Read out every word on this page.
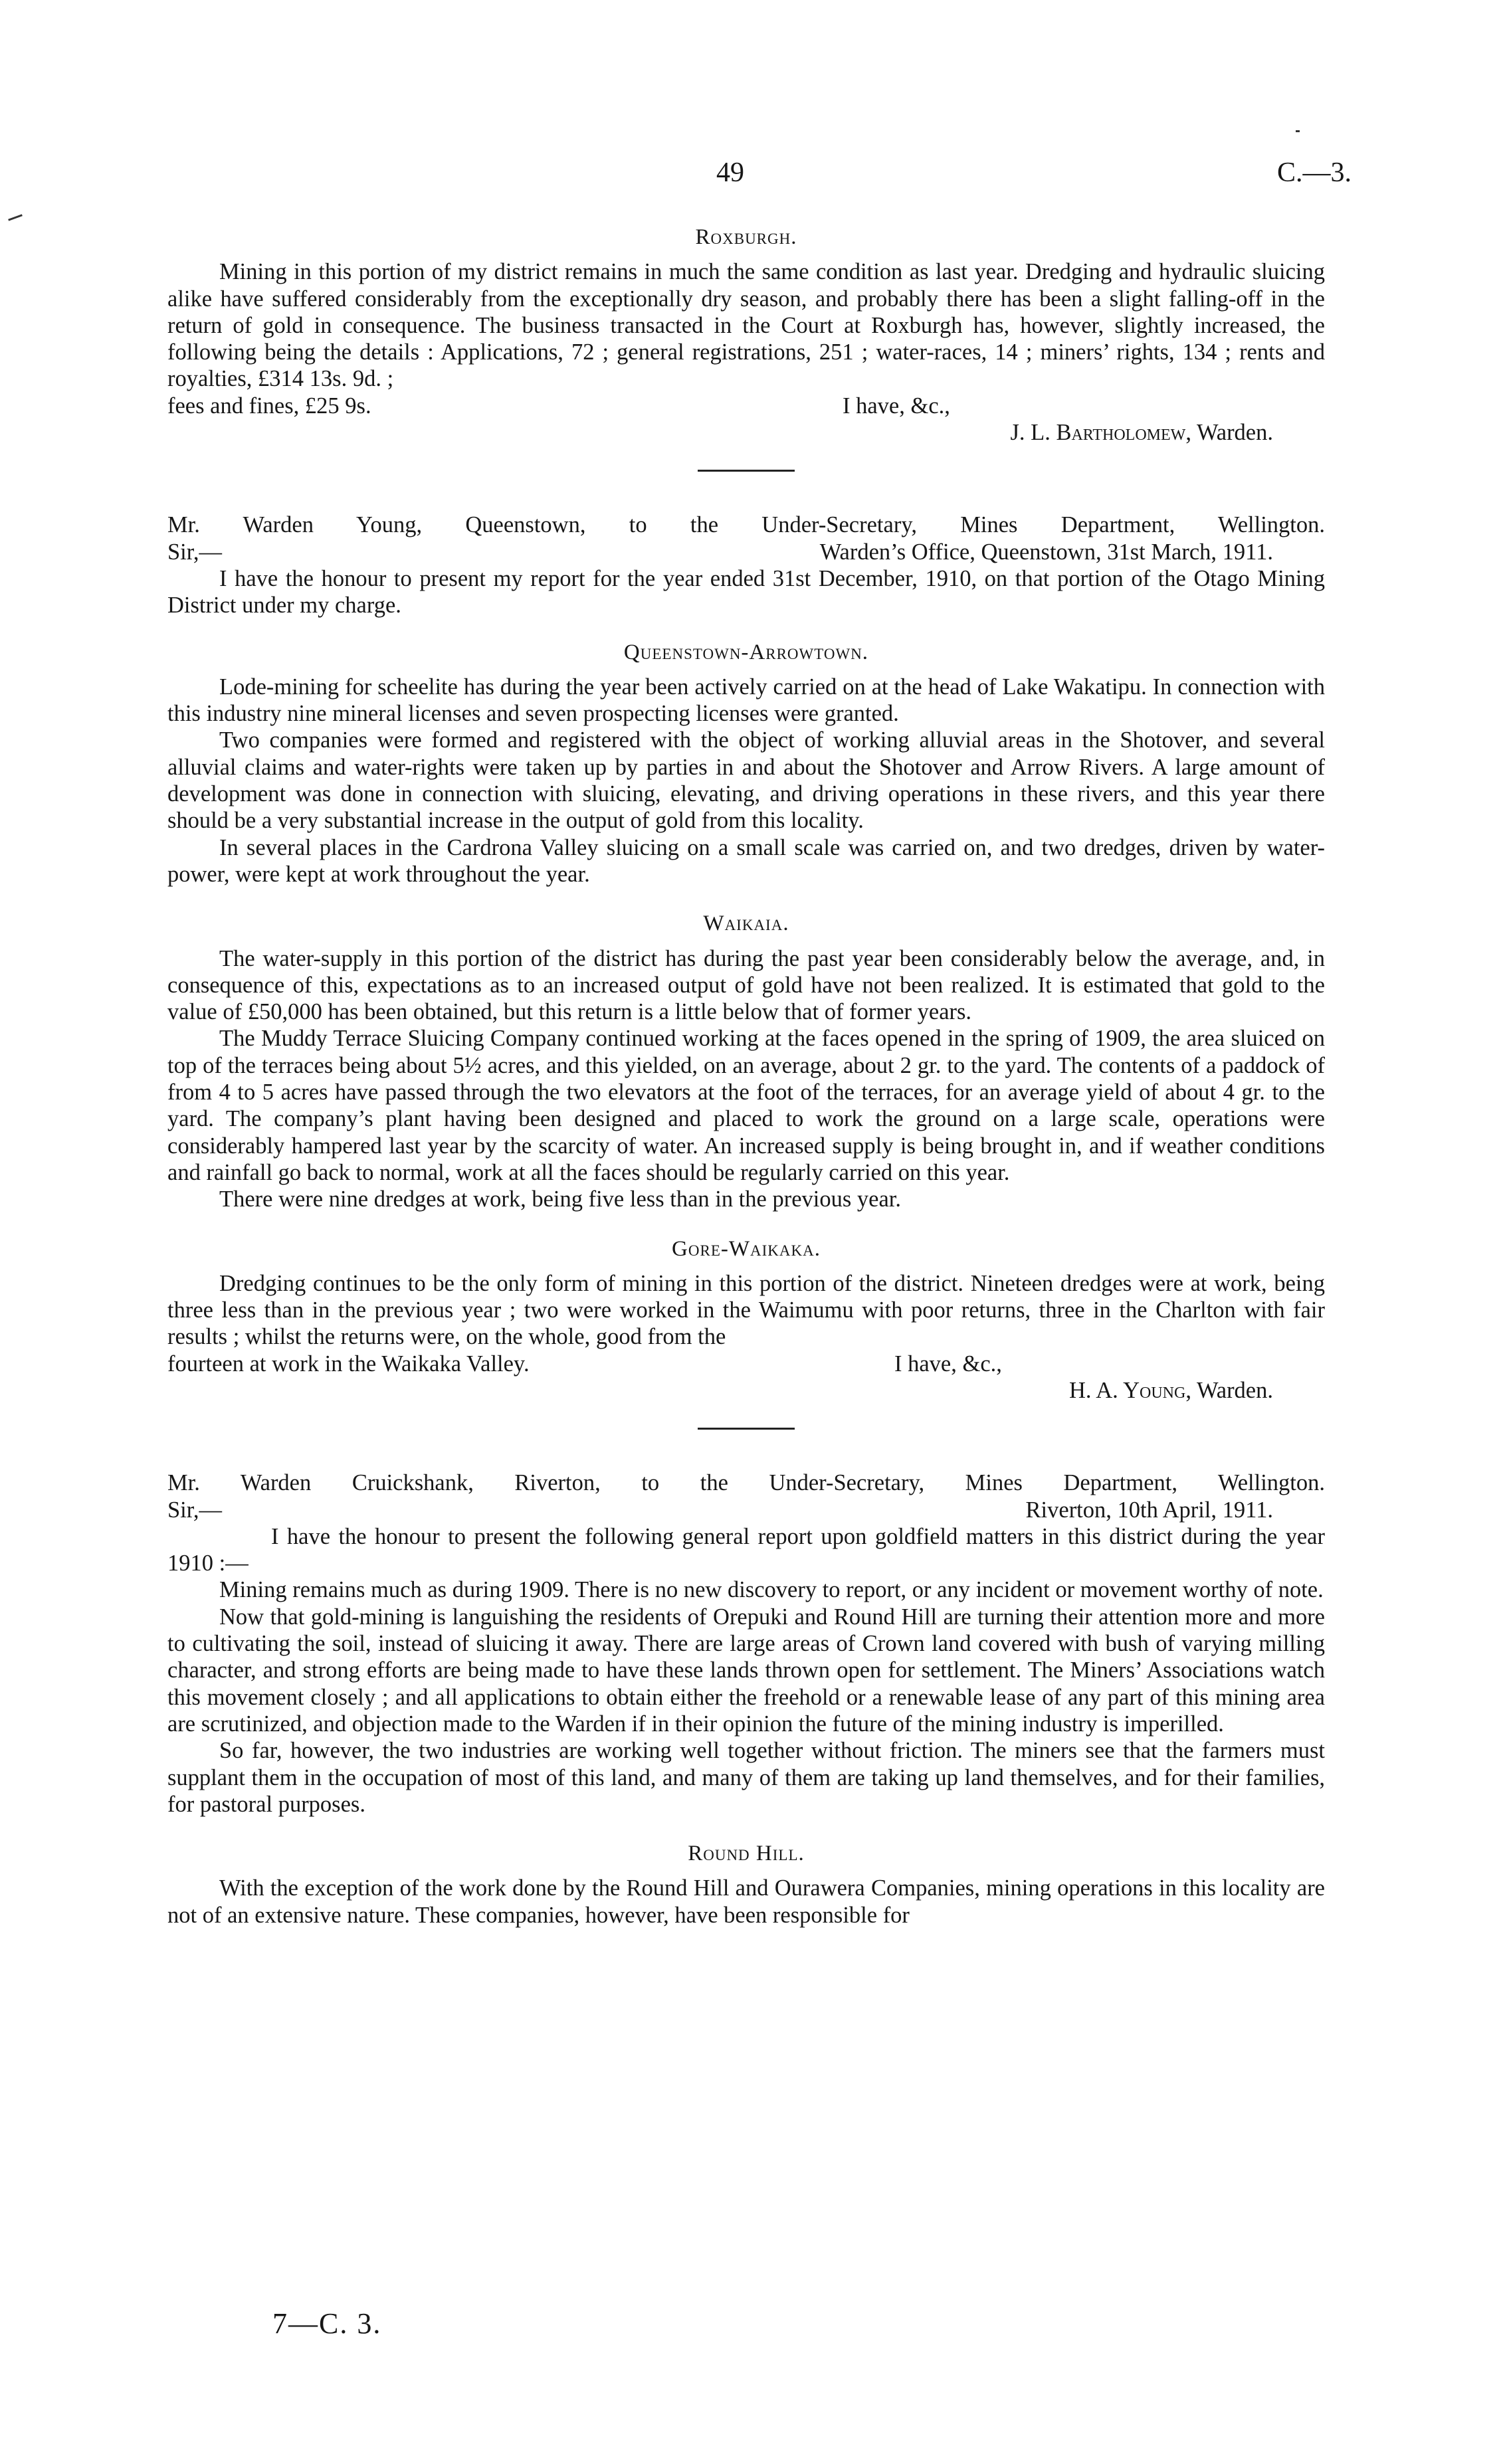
49	C.—3.
Roxburgh.

Mining in this portion of my district remains in much the same condition as last year. Dredging and hydraulic sluicing alike have suffered considerably from the exceptionally dry season, and probably there has been a slight falling-off in the return of gold in consequence. The business transacted in the Court at Roxburgh has, however, slightly increased, the following being the details : Applications, 72 ; general registrations, 251 ; water-races, 14 ; miners’ rights, 134 ; rents and royalties, £314 13s. 9d. ;

fees and fines, £25 9s.	I have, &c.,
J. L. Bartholomew, Warden.

Mr. Warden Young, Queenstown, to the Under-Secretary, Mines Department, Wellington.

Sir,—	Warden’s Office, Queenstown, 31st March, 1911.

I have the honour to present my report for the year ended 31st December, 1910, on that portion of the Otago Mining District under my charge.

Queenstown-Arrowtown.

Lode-mining for scheelite has during the year been actively carried on at the head of Lake Wakatipu. In connection with this industry nine mineral licenses and seven prospecting licenses were granted.

Two companies were formed and registered with the object of working alluvial areas in the Shotover, and several alluvial claims and water-rights were taken up by parties in and about the Shotover and Arrow Rivers. A large amount of development was done in connection with sluicing, elevating, and driving operations in these rivers, and this year there should be a very substantial increase in the output of gold from this locality.

In several places in the Cardrona Valley sluicing on a small scale was carried on, and two dredges, driven by water-power, were kept at work throughout the year.

Waikaia.

The water-supply in this portion of the district has during the past year been considerably below the average, and, in consequence of this, expectations as to an increased output of gold have not been realized. It is estimated that gold to the value of £50,000 has been obtained, but this return is a little below that of former years.

The Muddy Terrace Sluicing Company continued working at the faces opened in the spring of 1909, the area sluiced on top of the terraces being about 5½ acres, and this yielded, on an average, about 2 gr. to the yard. The contents of a paddock of from 4 to 5 acres have passed through the two elevators at the foot of the terraces, for an average yield of about 4 gr. to the yard. The company’s plant having been designed and placed to work the ground on a large scale, operations were considerably hampered last year by the scarcity of water. An increased supply is being brought in, and if weather conditions and rainfall go back to normal, work at all the faces should be regularly carried on this year.

There were nine dredges at work, being five less than in the previous year.

Gore-Waikaka.

Dredging continues to be the only form of mining in this portion of the district. Nineteen dredges were at work, being three less than in the previous year ; two were worked in the Waimumu with poor returns, three in the Charlton with fair results ; whilst the returns were, on the whole, good from the

fourteen at work in the Waikaka Valley.	I have, &c.,
H. A. Young, Warden.

Mr. Warden Cruickshank, Riverton, to the Under-Secretary, Mines Department, Wellington.

Sir,—	Riverton, 10th April, 1911.

I have the honour to present the following general report upon goldfield matters in this district during the year 1910 :—

Mining remains much as during 1909. There is no new discovery to report, or any incident or movement worthy of note.

Now that gold-mining is languishing the residents of Orepuki and Round Hill are turning their attention more and more to cultivating the soil, instead of sluicing it away. There are large areas of Crown land covered with bush of varying milling character, and strong efforts are being made to have these lands thrown open for settlement. The Miners’ Associations watch this movement closely ; and all applications to obtain either the freehold or a renewable lease of any part of this mining area are scrutinized, and objection made to the Warden if in their opinion the future of the mining industry is imperilled.

So far, however, the two industries are working well together without friction. The miners see that the farmers must supplant them in the occupation of most of this land, and many of them are taking up land themselves, and for their families, for pastoral purposes.

Round Hill.

With the exception of the work done by the Round Hill and Ourawera Companies, mining operations in this locality are not of an extensive nature. These companies, however, have been responsible for

7—C. 3.
